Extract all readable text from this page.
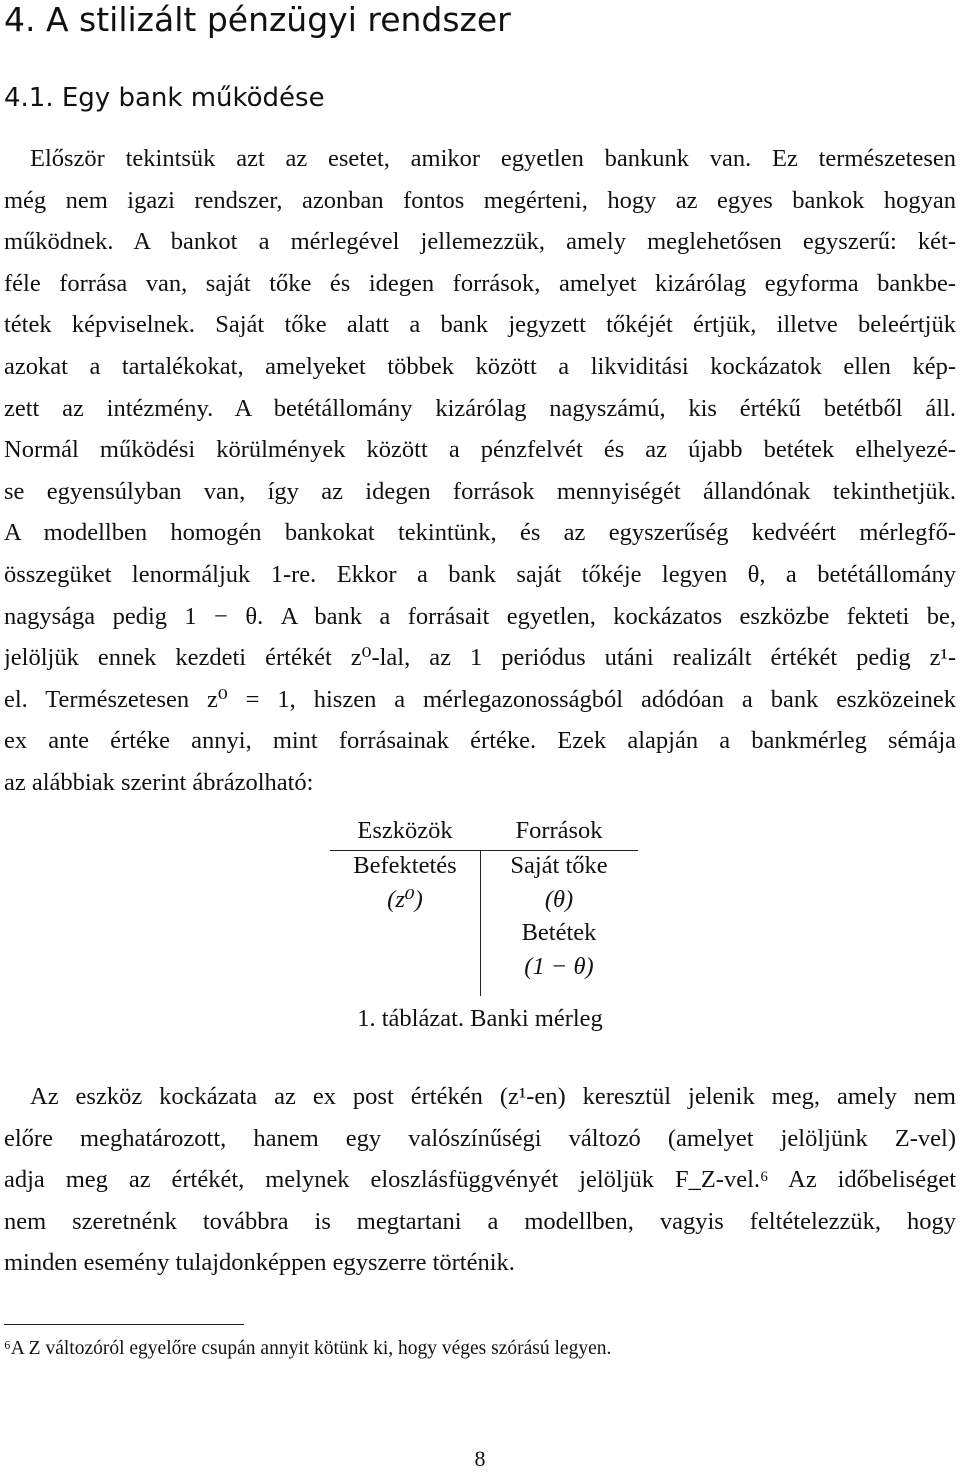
4. A stilizált pénzügyi rendszer
4.1. Egy bank működése
Először tekintsük azt az esetet, amikor egyetlen bankunk van. Ez természetesen
még nem igazi rendszer, azonban fontos megérteni, hogy az egyes bankok hogyan
működnek. A bankot a mérlegével jellemezzük, amely meglehetősen egyszerű: két-
féle forrása van, saját tőke és idegen források, amelyet kizárólag egyforma bankbe-
tétek képviselnek. Saját tőke alatt a bank jegyzett tőkéjét értjük, illetve beleértjük
azokat a tartalékokat, amelyeket többek között a likviditási kockázatok ellen kép-
zett az intézmény. A betétállomány kizárólag nagyszámú, kis értékű betétből áll.
Normál működési körülmények között a pénzfelvét és az újabb betétek elhelyezé-
se egyensúlyban van, így az idegen források mennyiségét állandónak tekinthetjük.
A modellben homogén bankokat tekintünk, és az egyszerűség kedvéért mérlegfő-
összegüket lenormáljuk 1-re. Ekkor a bank saját tőkéje legyen θ, a betétállomány
nagysága pedig 1 − θ. A bank a forrásait egyetlen, kockázatos eszközbe fekteti be,
jelöljük ennek kezdeti értékét z⁰-lal, az 1 periódus utáni realizált értékét pedig z¹-
el. Természetesen z⁰ = 1, hiszen a mérlegazonosságból adódóan a bank eszközeinek
ex ante értéke annyi, mint forrásainak értéke. Ezek alapján a bankmérleg sémája
az alábbiak szerint ábrázolható:
Eszközök	Források
Befektetés
(z⁰)
Saját tőke
(θ)
Betétek
(1 − θ)

1. táblázat. Banki mérleg

Az eszköz kockázata az ex post értékén (z¹-en) keresztül jelenik meg, amely nem
előre meghatározott, hanem egy valószínűségi változó (amelyet jelöljünk Z-vel)
adja meg az értékét, melynek eloszlásfüggvényét jelöljük F_Z-vel.⁶ Az időbeliséget
nem szeretnénk továbbra is megtartani a modellben, vagyis feltételezzük, hogy
minden esemény tulajdonképpen egyszerre történik.

⁶A Z változóról egyelőre csupán annyit kötünk ki, hogy véges szórású legyen.

8
